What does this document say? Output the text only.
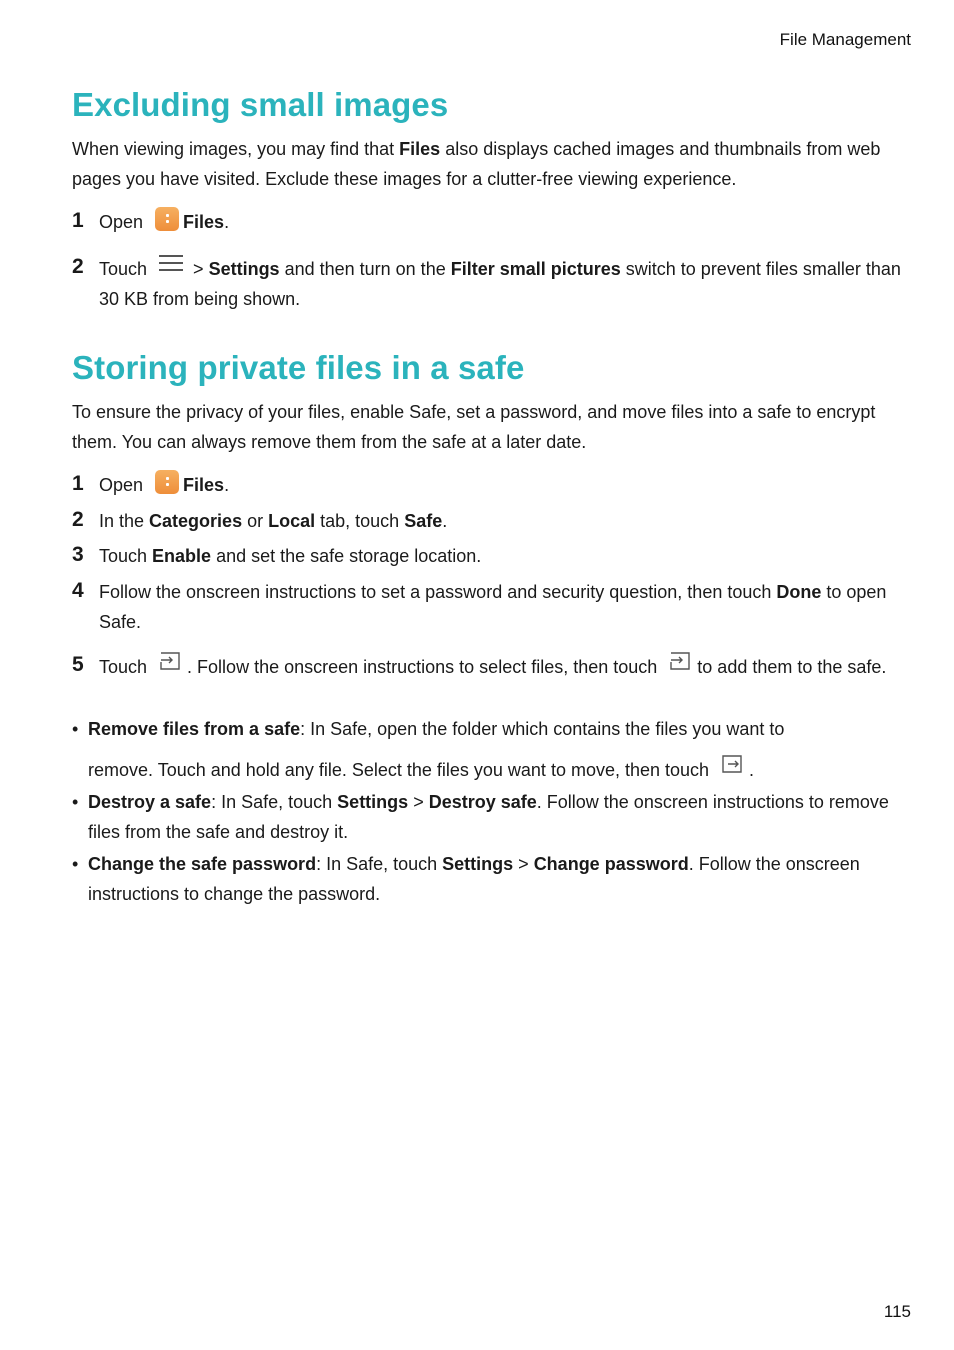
File Management
Excluding small images

When viewing images, you may find that Files also displays cached images and thumbnails from web pages you have visited. Exclude these images for a clutter-free viewing experience.

1 Open Files.
2 Touch	> Settings and then turn on the Filter small pictures switch to prevent files smaller than 30 KB from being shown.
Storing private files in a safe

To ensure the privacy of your files, enable Safe, set a password, and move files into a safe to encrypt them. You can always remove them from the safe at a later date.

1 Open Files.
2 In the Categories or Local tab, touch Safe.
3 Touch Enable and set the safe storage location.
4 Follow the onscreen instructions to set a password and security question, then touch Done to open Safe.
5 Touch . Follow the onscreen instructions to select files, then touch to add them to the safe.
• Remove files from a safe: In Safe, open the folder which contains the files you want to
remove. Touch and hold any file. Select the files you want to move, then touch .
• Destroy a safe: In Safe, touch Settings > Destroy safe. Follow the onscreen instructions to remove files from the safe and destroy it.
• Change the safe password: In Safe, touch Settings > Change password. Follow the onscreen instructions to change the password.
115
